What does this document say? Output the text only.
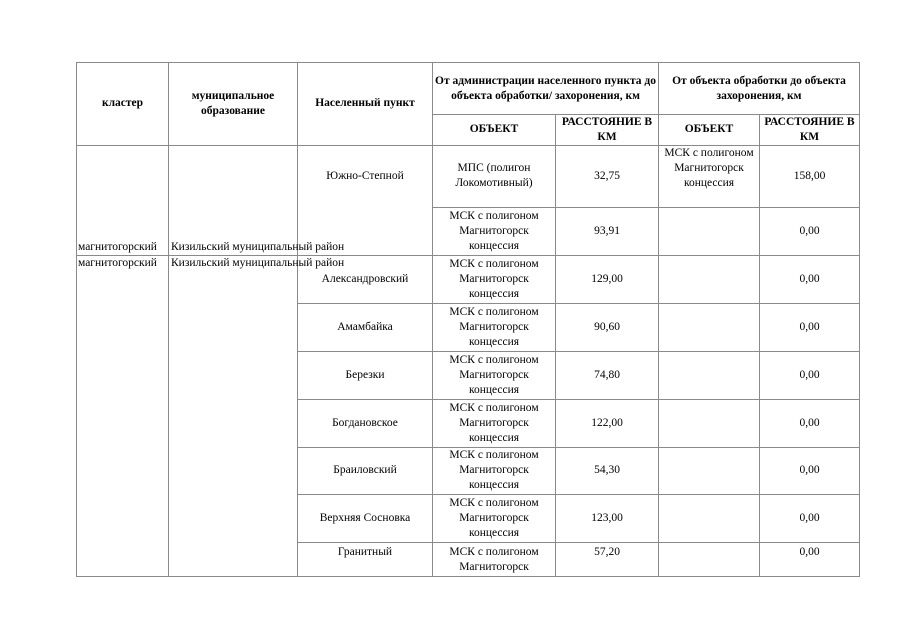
кластер	муниципальное образование	Населенный пункт	От администрации населенного пункта до объекта обработки/ захоронения, км		От объекта обработки до объекта захоронения, км	
			ОБЪЕКТ	РАССТОЯНИЕ В КМ	ОБЪЕКТ	РАССТОЯНИЕ В КМ
		Южно-Степной	МПС (полигон Локомотивный)	32,75	МСК с полигоном Магнитогорск концессия	158,00
магнитогорский	Кизильский муниципальный район		МСК с полигоном Магнитогорск концессия	93,91		0,00
магнитогорский	Кизильский муниципальный район	Александровский	МСК с полигоном Магнитогорск концессия	129,00		0,00
		Амамбайка	МСК с полигоном Магнитогорск концессия	90,60		0,00
		Березки	МСК с полигоном Магнитогорск концессия	74,80		0,00
		Богдановское	МСК с полигоном Магнитогорск концессия	122,00		0,00
		Браиловский	МСК с полигоном Магнитогорск концессия	54,30		0,00
		Верхняя Сосновка	МСК с полигоном Магнитогорск концессия	123,00		0,00
		Гранитный	МСК с полигоном Магнитогорск	57,20		0,00
